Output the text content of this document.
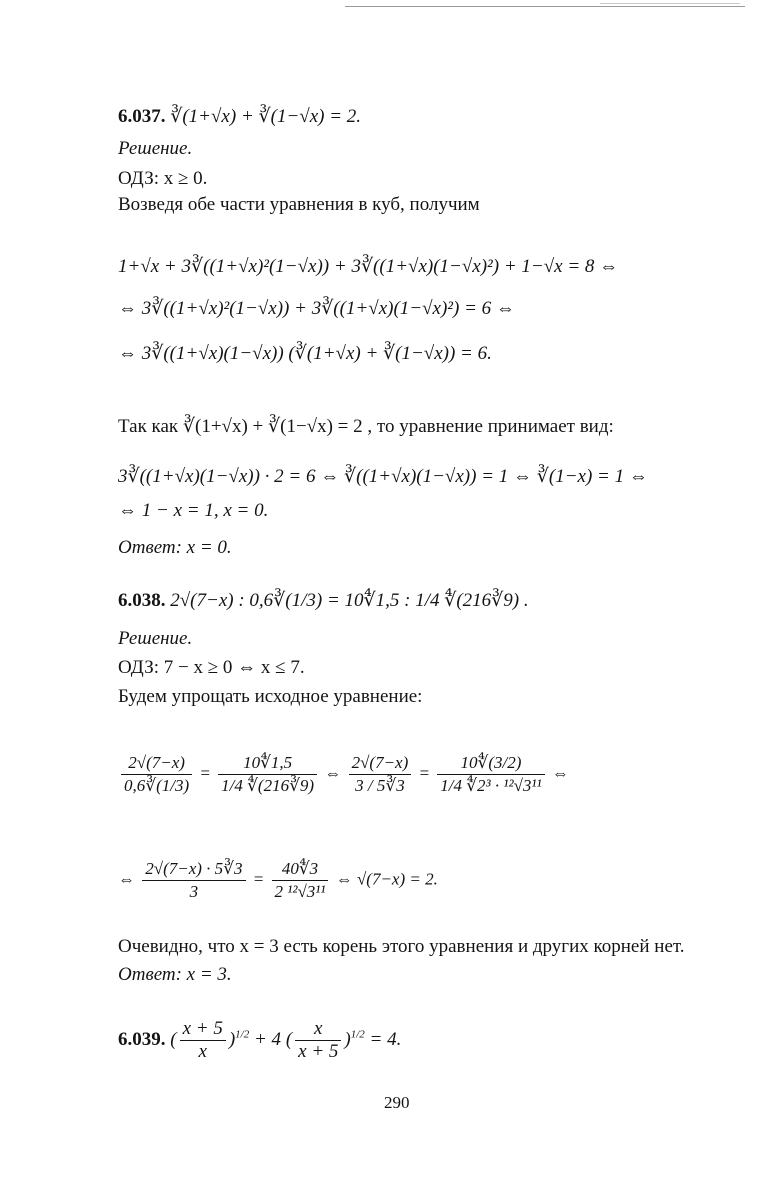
6.037. ∛(1+√x) + ∛(1−√x) = 2.
Решение.
ОДЗ: x ≥ 0.
Возведя обе части уравнения в куб, получим
1+√x + 3∛((1+√x)²(1−√x)) + 3∛((1+√x)(1−√x)²) + 1−√x = 8 ⇔
⇔ 3∛((1+√x)²(1−√x)) + 3∛((1+√x)(1−√x)²) = 6 ⇔
⇔ 3∛((1+√x)(1−√x)) (∛(1+√x) + ∛(1−√x)) = 6.
Так как ∛(1+√x) + ∛(1−√x) = 2 , то уравнение принимает вид:
3∛((1+√x)(1−√x)) · 2 = 6 ⇔ ∛((1+√x)(1−√x)) = 1 ⇔ ∛(1−x) = 1 ⇔
⇔ 1 − x = 1, x = 0.
Ответ: x = 0.
6.038. 2√(7−x) : 0,6∛(1/3) = 10∜1,5 : 1/4 ∜(216∛9) .
Решение.
ОДЗ: 7 − x ≥ 0 ⇔ x ≤ 7.
Будем упрощать исходное уравнение:
$\frac{2√(7-x)}{0,6∛(1/3)} = \frac{10∜1,5}{1/4 ∜(216∛9)}$ ⇔ $\frac{2√(7-x)}{3 / 5∛3} = \frac{10∜(3/2)}{\text{1/4 ∜2³ · ¹²√3¹¹}}$ ⇔
⇔ $\frac{2√(7-x) \cdot 5∛3}{3} = \frac{40∜3}{\text{2 ¹²√3¹¹}}$ ⇔ √(7−x) = 2.
Очевидно, что x = 3 есть корень этого уравнения и других корней нет.
Ответ: x = 3.
6.039. ( $\frac{x + 5}{x} )^{1/2} + 4$ ( $\frac{x}{x + 5} )^{1/2} = 4$.
290
